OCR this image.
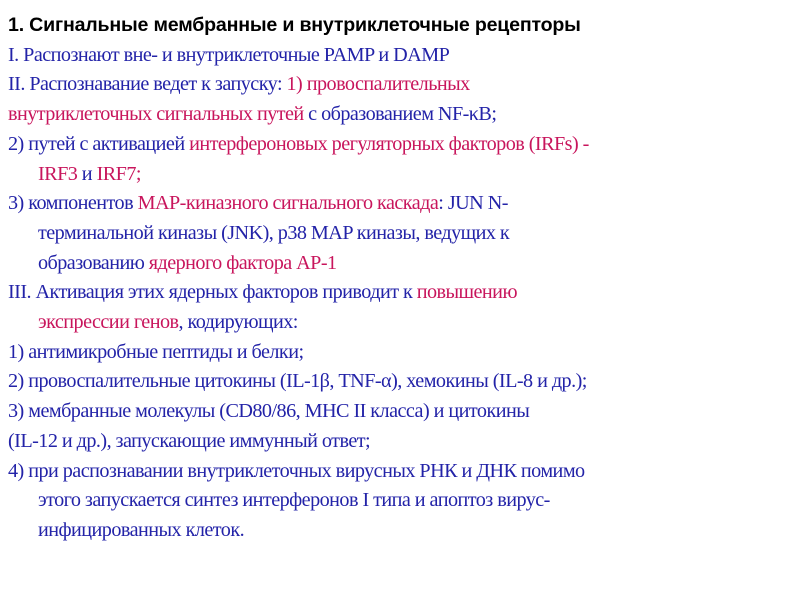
1. Сигнальные мембранные и внутриклеточные рецепторы
I. Распознают вне- и внутриклеточные PAMP и DAMP
II. Распознавание ведет к запуску: 1) провоспалительных
внутриклеточных сигнальных путей с образованием NF-κB;
2) путей с активацией интерфероновых регуляторных факторов (IRFs) -
IRF3 и IRF7;
3) компонентов MAP-киназного сигнального каскада: JUN N-
терминальной киназы (JNK), p38 MAP киназы, ведущих к
образованию ядерного фактора AP-1
III. Активация этих ядерных факторов приводит к повышению
экспрессии генов, кодирующих:
1) антимикробные пептиды и белки;
2) провоспалительные цитокины (IL-1β, TNF-α), хемокины (IL-8 и др.);
3) мембранные молекулы (CD80/86, MHC II класса) и цитокины
(IL-12 и др.), запускающие иммунный ответ;
4) при распознавании внутриклеточных вирусных РНК и ДНК помимо
этого запускается синтез интерферонов I типа и апоптоз вирус-
инфицированных клеток.
